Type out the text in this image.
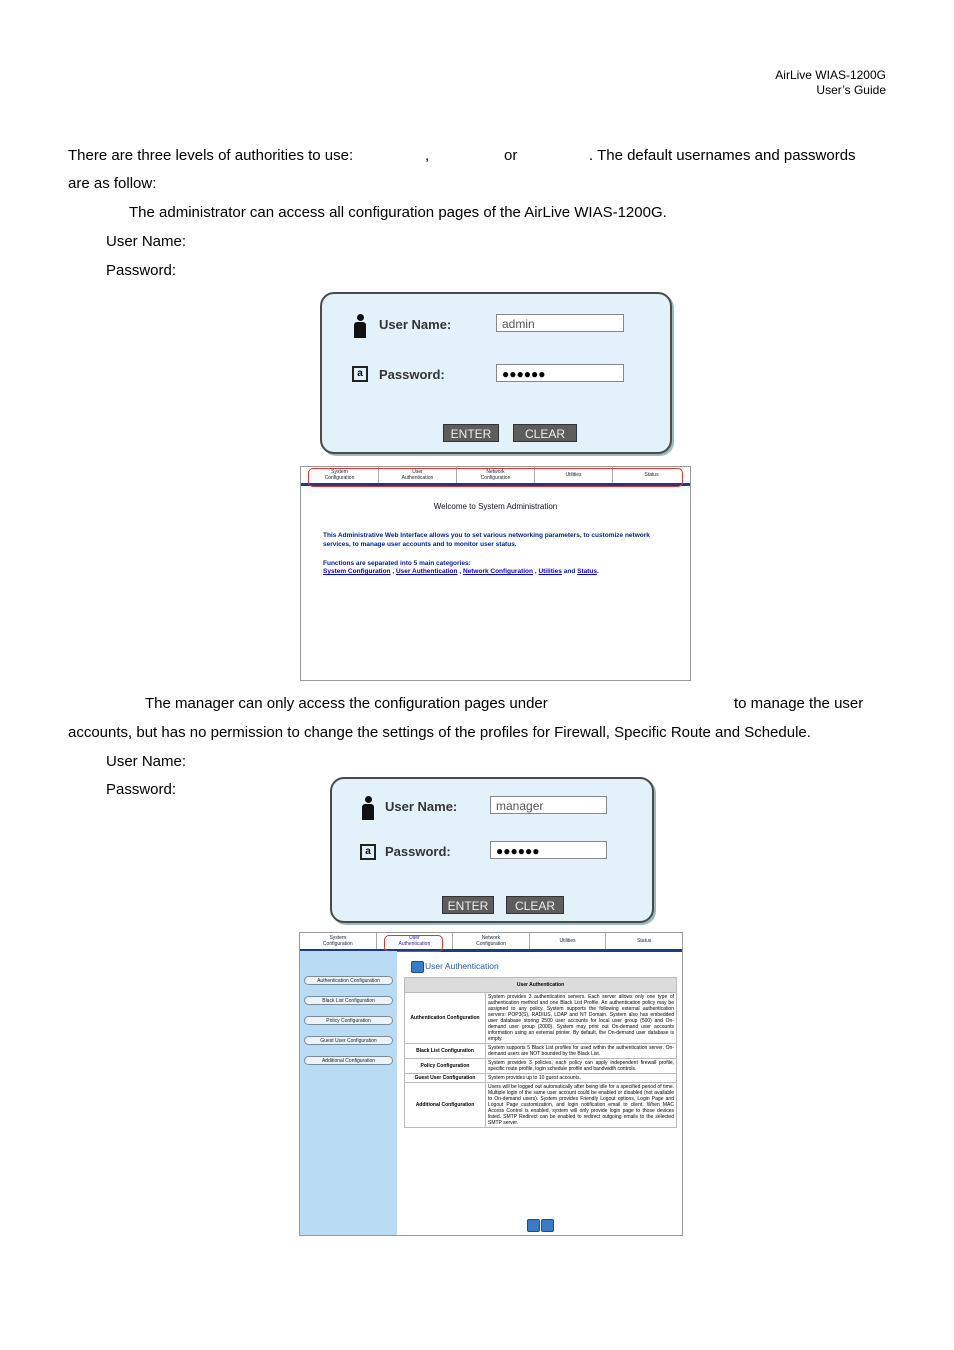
AirLive WIAS-1200G
User’s Guide
There are three levels of authorities to use:	,	or	. The default usernames and passwords
are as follow:
The administrator can access all configuration pages of the AirLive WIAS-1200G.
User Name:
Password:
User Name:	admin
a	Password:	●●●●●●
ENTER	CLEAR
System
Configuration
User
Authentication
Network
Configuration	Utilities	Status
Welcome to System Administration
This Administrative Web Interface allows you to set various networking parameters, to customize network services, to manage user accounts and to monitor user status.
Functions are separated into 5 main categories:
System Configuration , User Authentication , Network Configuration , Utilities and Status.
The manager can only access the configuration pages under	to manage the user
accounts, but has no permission to change the settings of the profiles for Firewall, Specific Route and Schedule.
User Name:
Password:
User Name:	manager
a	Password:	●●●●●●
ENTER	CLEAR
System
Configuration
User
Authentication
Network
Configuration	Utilities	Status
Authentication Configuration
Black List Configuration
Policy Configuration
Guest User Configuration
Additional Configuration
User Authentication
User Authentication	
Authentication Configuration	System provides 3 authentication servers. Each server allows only one type of authentication method and one Black List Profile. An authentication policy may be assigned to any policy. System supports the following external authentication servers: POP3(S), RADIUS, LDAP and NT Domain. System also has embedded user database storing 2500 user accounts for local user group (500) and On-demand user group (2000). System may print out On-demand user accounts information using an external printer. By default, the On-demand user database is empty.
Black List Configuration	System supports 5 Black List profiles for used within the authentication server. On-demand users are NOT bounded by the Black List.
Policy Configuration	System provides 3 policies, each policy can apply independent firewall profile, specific route profile, login schedule profile and bandwidth controls.
Guest User Configuration	System provides up to 10 guest accounts.
Additional Configuration	Users will be logged out automatically after being idle for a specified period of time. Multiple login of the same user account could be enabled or disabled (not available to On-demand users). System provides Friendly Logout options, Login Page and Logout Page customization, and login notification email to client. When MAC Access Control is enabled, system will only provide login page to those devices listed. SMTP Redirect can be enabled to redirect outgoing emails to the selected SMTP server.
